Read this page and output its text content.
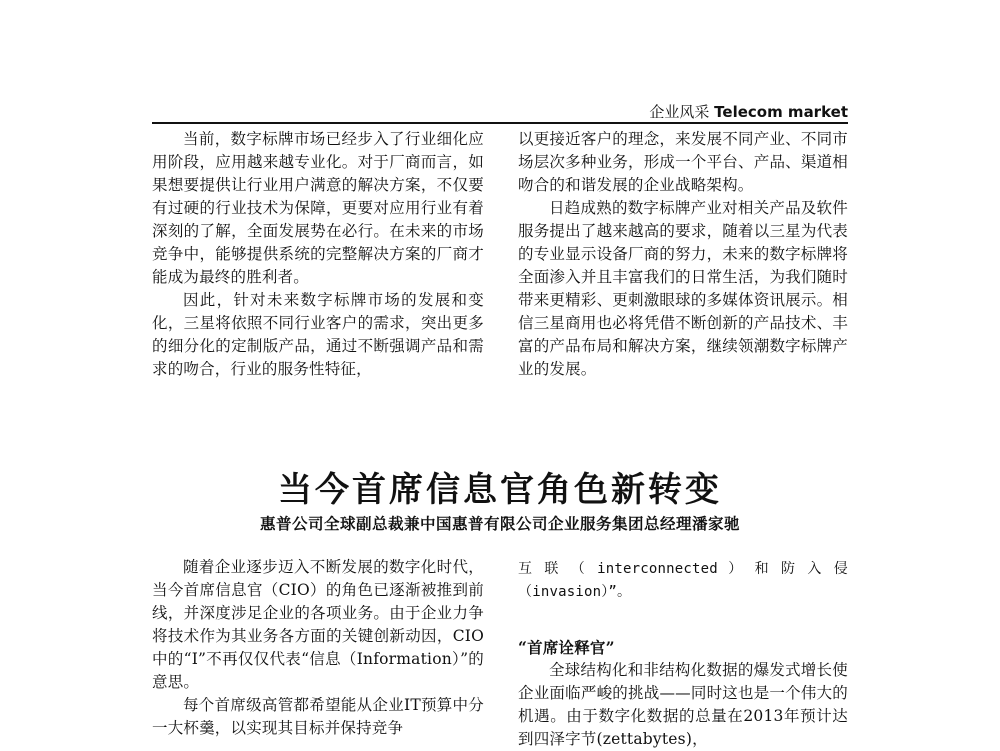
企业风采 Telecom market

当前，数字标牌市场已经步入了行业细化应用阶段，应用越来越专业化。对于厂商而言，如果想要提供让行业用户满意的解决方案，不仅要有过硬的行业技术为保障，更要对应用行业有着深刻的了解，全面发展势在必行。在未来的市场竞争中，能够提供系统的完整解决方案的厂商才能成为最终的胜利者。

因此，针对未来数字标牌市场的发展和变化，三星将依照不同行业客户的需求，突出更多的细分化的定制版产品，通过不断强调产品和需求的吻合，行业的服务性特征，

以更接近客户的理念，来发展不同产业、不同市场层次多种业务，形成一个平台、产品、渠道相吻合的和谐发展的企业战略架构。

日趋成熟的数字标牌产业对相关产品及软件服务提出了越来越高的要求，随着以三星为代表的专业显示设备厂商的努力，未来的数字标牌将全面渗入并且丰富我们的日常生活，为我们随时带来更精彩、更刺激眼球的多媒体资讯展示。相信三星商用也必将凭借不断创新的产品技术、丰富的产品布局和解决方案，继续领潮数字标牌产业的发展。

当今首席信息官角色新转变
惠普公司全球副总裁兼中国惠普有限公司企业服务集团总经理潘家驰

随着企业逐步迈入不断发展的数字化时代，当今首席信息官（CIO）的角色已逐渐被推到前线，并深度涉足企业的各项业务。由于企业力争将技术作为其业务各方面的关键创新动因，CIO中的“I”不再仅仅代表“信息（Information）”的意思。

每个首席级高管都希望能从企业IT预算中分一大杯羹，以实现其目标并保持竞争

互 联 （ interconnected ） 和 防 入 侵

（invasion）”。

“首席诠释官”

全球结构化和非结构化数据的爆发式增长使企业面临严峻的挑战——同时这也是一个伟大的机遇。由于数字化数据的总量在2013年预计达到四泽字节(zettabytes)，
